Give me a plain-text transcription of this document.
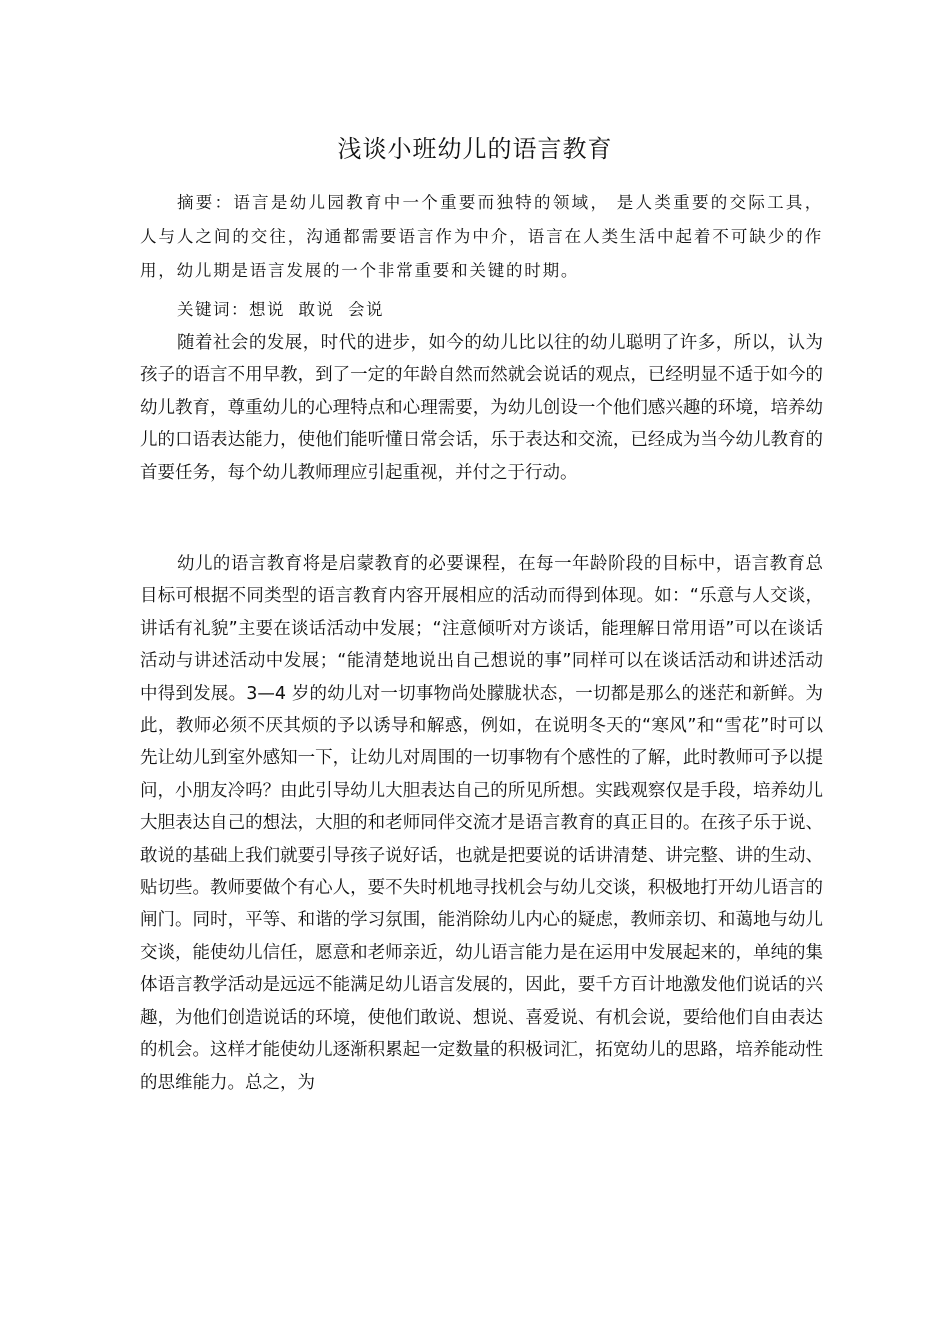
浅谈小班幼儿的语言教育

摘要：语言是幼儿园教育中一个重要而独特的领域， 是人类重要的交际工具，人与人之间的交往，沟通都需要语言作为中介，语言在人类生活中起着不可缺少的作用，幼儿期是语言发展的一个非常重要和关键的时期。

关键词：想说  敢说  会说

随着社会的发展，时代的进步，如今的幼儿比以往的幼儿聪明了许多，所以，认为孩子的语言不用早教，到了一定的年龄自然而然就会说话的观点，已经明显不适于如今的幼儿教育，尊重幼儿的心理特点和心理需要，为幼儿创设一个他们感兴趣的环境，培养幼儿的口语表达能力，使他们能听懂日常会话，乐于表达和交流，已经成为当今幼儿教育的首要任务，每个幼儿教师理应引起重视，并付之于行动。

幼儿的语言教育将是启蒙教育的必要课程，在每一年龄阶段的目标中，语言教育总目标可根据不同类型的语言教育内容开展相应的活动而得到体现。如：“乐意与人交谈，讲话有礼貌”主要在谈话活动中发展；“注意倾听对方谈话，能理解日常用语”可以在谈话活动与讲述活动中发展；“能清楚地说出自己想说的事”同样可以在谈话活动和讲述活动中得到发展。3—4 岁的幼儿对一切事物尚处朦胧状态，一切都是那么的迷茫和新鲜。为此，教师必须不厌其烦的予以诱导和解惑，例如，在说明冬天的“寒风”和“雪花”时可以先让幼儿到室外感知一下，让幼儿对周围的一切事物有个感性的了解，此时教师可予以提问，小朋友冷吗？由此引导幼儿大胆表达自己的所见所想。实践观察仅是手段，培养幼儿大胆表达自己的想法，大胆的和老师同伴交流才是语言教育的真正目的。在孩子乐于说、敢说的基础上我们就要引导孩子说好话，也就是把要说的话讲清楚、讲完整、讲的生动、贴切些。教师要做个有心人，要不失时机地寻找机会与幼儿交谈，积极地打开幼儿语言的闸门。同时，平等、和谐的学习氛围，能消除幼儿内心的疑虑，教师亲切、和蔼地与幼儿交谈，能使幼儿信任，愿意和老师亲近，幼儿语言能力是在运用中发展起来的，单纯的集体语言教学活动是远远不能满足幼儿语言发展的，因此，要千方百计地激发他们说话的兴趣，为他们创造说话的环境，使他们敢说、想说、喜爱说、有机会说，要给他们自由表达的机会。这样才能使幼儿逐渐积累起一定数量的积极词汇，拓宽幼儿的思路，培养能动性的思维能力。总之，为
